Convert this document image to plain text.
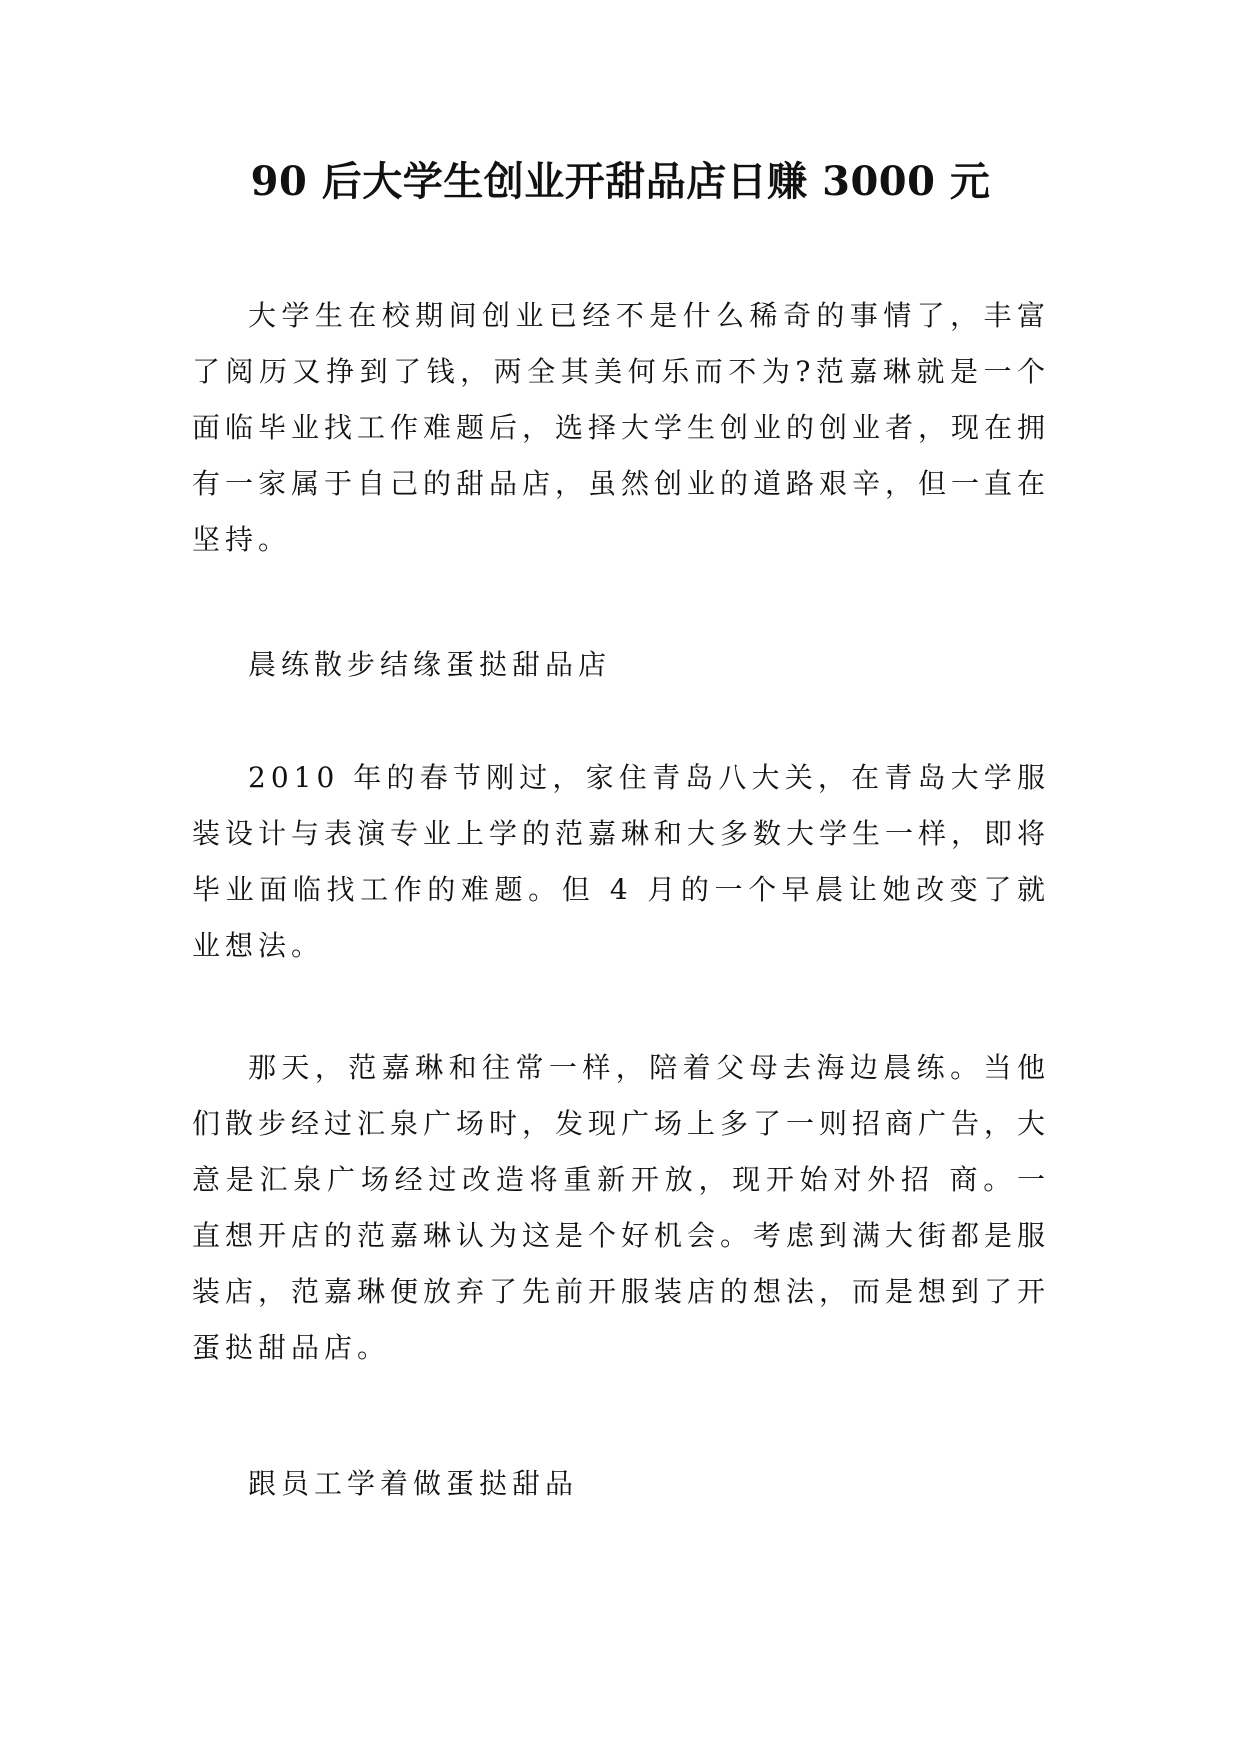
90 后大学生创业开甜品店日赚 3000 元

大学生在校期间创业已经不是什么稀奇的事情了，丰富了阅历又挣到了钱，两全其美何乐而不为?范嘉琳就是一个面临毕业找工作难题后，选择大学生创业的创业者，现在拥有一家属于自己的甜品店，虽然创业的道路艰辛，但一直在坚持。

晨练散步结缘蛋挞甜品店

2010 年的春节刚过，家住青岛八大关，在青岛大学服装设计与表演专业上学的范嘉琳和大多数大学生一样，即将毕业面临找工作的难题。但 4 月的一个早晨让她改变了就业想法。

那天，范嘉琳和往常一样，陪着父母去海边晨练。当他们散步经过汇泉广场时，发现广场上多了一则招商广告，大意是汇泉广场经过改造将重新开放，现开始对外招 商。一直想开店的范嘉琳认为这是个好机会。考虑到满大街都是服装店，范嘉琳便放弃了先前开服装店的想法，而是想到了开蛋挞甜品店。

跟员工学着做蛋挞甜品
